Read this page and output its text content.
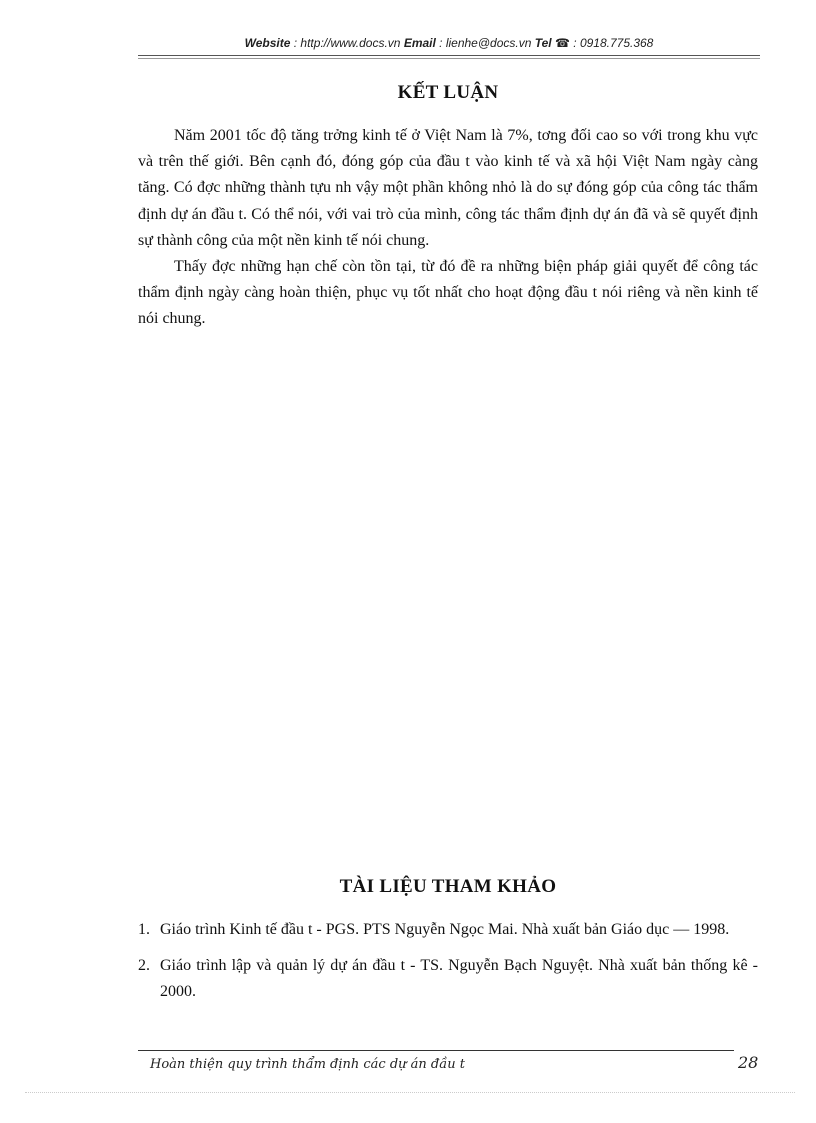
Website : http://www.docs.vn Email : lienhe@docs.vn Tel ☎ : 0918.775.368
KẾT LUẬN

Năm 2001 tốc độ tăng trởng kinh tế ở Việt Nam là 7%, tơng đối cao so với trong khu vực và trên thế giới. Bên cạnh đó, đóng góp của đầu t vào kinh tế và xã hội Việt Nam ngày càng tăng. Có đợc những thành tựu nh vậy một phần không nhỏ là do sự đóng góp của công tác thẩm định dự án đầu t. Có thể nói, với vai trò của mình, công tác thẩm định dự án đã và sẽ quyết định sự thành công của một nền kinh tế nói chung.

Thấy đợc những hạn chế còn tồn tại, từ đó đề ra những biện pháp giải quyết để công tác thẩm định ngày càng hoàn thiện, phục vụ tốt nhất cho hoạt động đầu t nói riêng và nền kinh tế nói chung.

TÀI LIỆU THAM KHẢO
1. Giáo trình Kinh tế đầu t - PGS. PTS Nguyễn Ngọc Mai. Nhà xuất bản Giáo dục — 1998.
2. Giáo trình lập và quản lý dự án đầu t - TS. Nguyễn Bạch Nguyệt. Nhà xuất bản thống kê - 2000.
Hoàn thiện quy trình thẩm định các dự án đầu t	28
